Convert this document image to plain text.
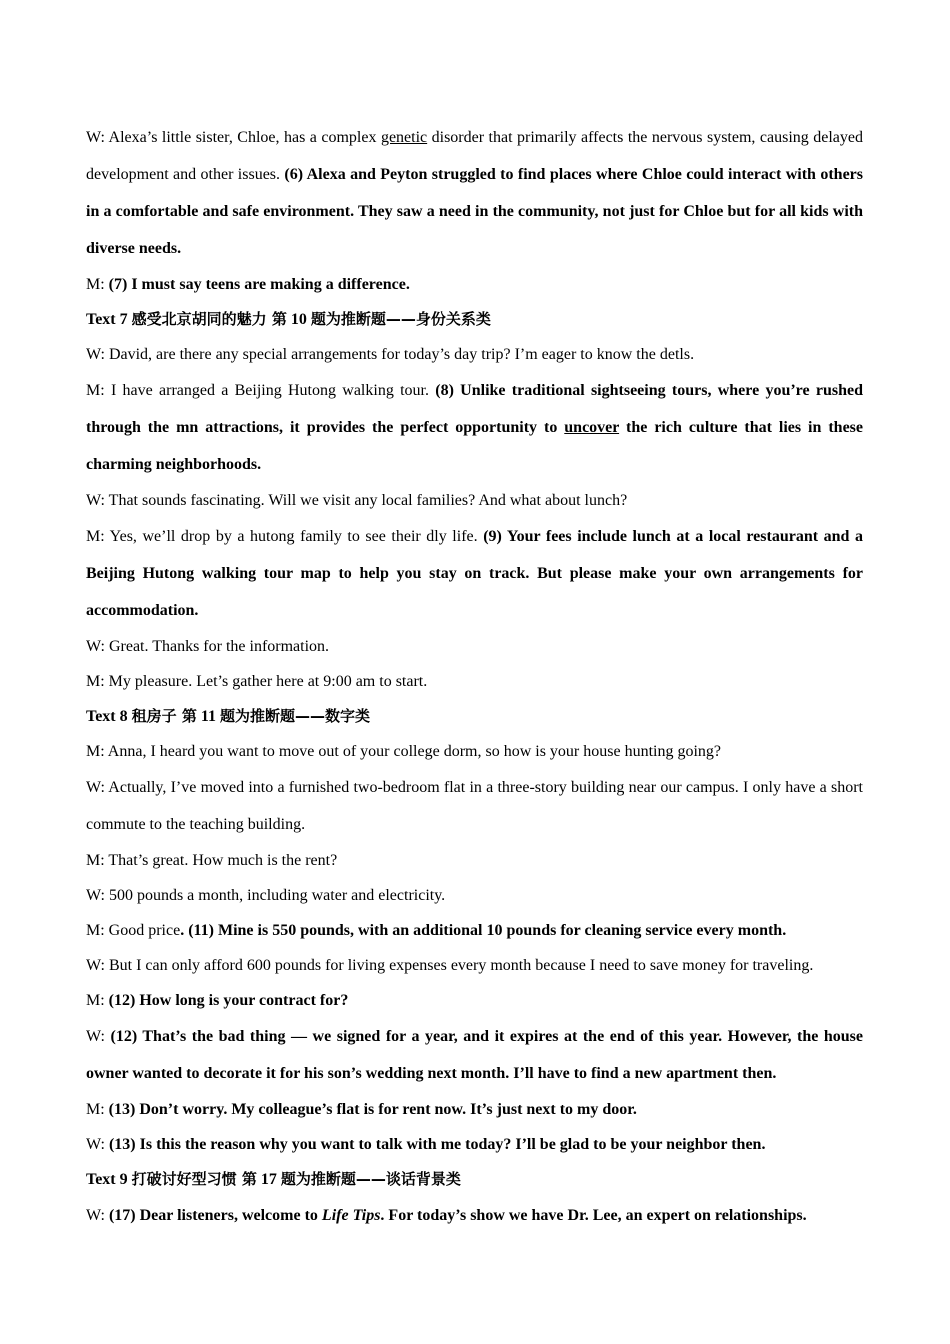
W: Alexa’s little sister, Chloe, has a complex genetic disorder that primarily affects the nervous system, causing delayed development and other issues. (6) Alexa and Peyton struggled to find places where Chloe could interact with others in a comfortable and safe environment. They saw a need in the community, not just for Chloe but for all kids with diverse needs.

M: (7) I must say teens are making a difference.

Text 7 感受北京胡同的魅力 第 10 题为推断题——身份关系类

W: David, are there any special arrangements for today’s day trip? I’m eager to know the detls.

M: I have arranged a Beijing Hutong walking tour. (8) Unlike traditional sightseeing tours, where you’re rushed through the mn attractions, it provides the perfect opportunity to uncover the rich culture that lies in these charming neighborhoods.

W: That sounds fascinating. Will we visit any local families? And what about lunch?

M: Yes, we’ll drop by a hutong family to see their dly life. (9) Your fees include lunch at a local restaurant and a Beijing Hutong walking tour map to help you stay on track. But please make your own arrangements for accommodation.

W: Great. Thanks for the information.

M: My pleasure. Let’s gather here at 9:00 am to start.

Text 8 租房子 第 11 题为推断题——数字类

M: Anna, I heard you want to move out of your college dorm, so how is your house hunting going?

W: Actually, I’ve moved into a furnished two-bedroom flat in a three-story building near our campus. I only have a short commute to the teaching building.

M: That’s great. How much is the rent?

W: 500 pounds a month, including water and electricity.

M: Good price. (11) Mine is 550 pounds, with an additional 10 pounds for cleaning service every month.

W: But I can only afford 600 pounds for living expenses every month because I need to save money for traveling.

M: (12) How long is your contract for?

W: (12) That’s the bad thing — we signed for a year, and it expires at the end of this year. However, the house owner wanted to decorate it for his son’s wedding next month. I’ll have to find a new apartment then.

M: (13) Don’t worry. My colleague’s flat is for rent now. It’s just next to my door.

W: (13) Is this the reason why you want to talk with me today? I’ll be glad to be your neighbor then.

Text 9 打破讨好型习惯 第 17 题为推断题——谈话背景类

W: (17) Dear listeners, welcome to Life Tips. For today’s show we have Dr. Lee, an expert on relationships.
